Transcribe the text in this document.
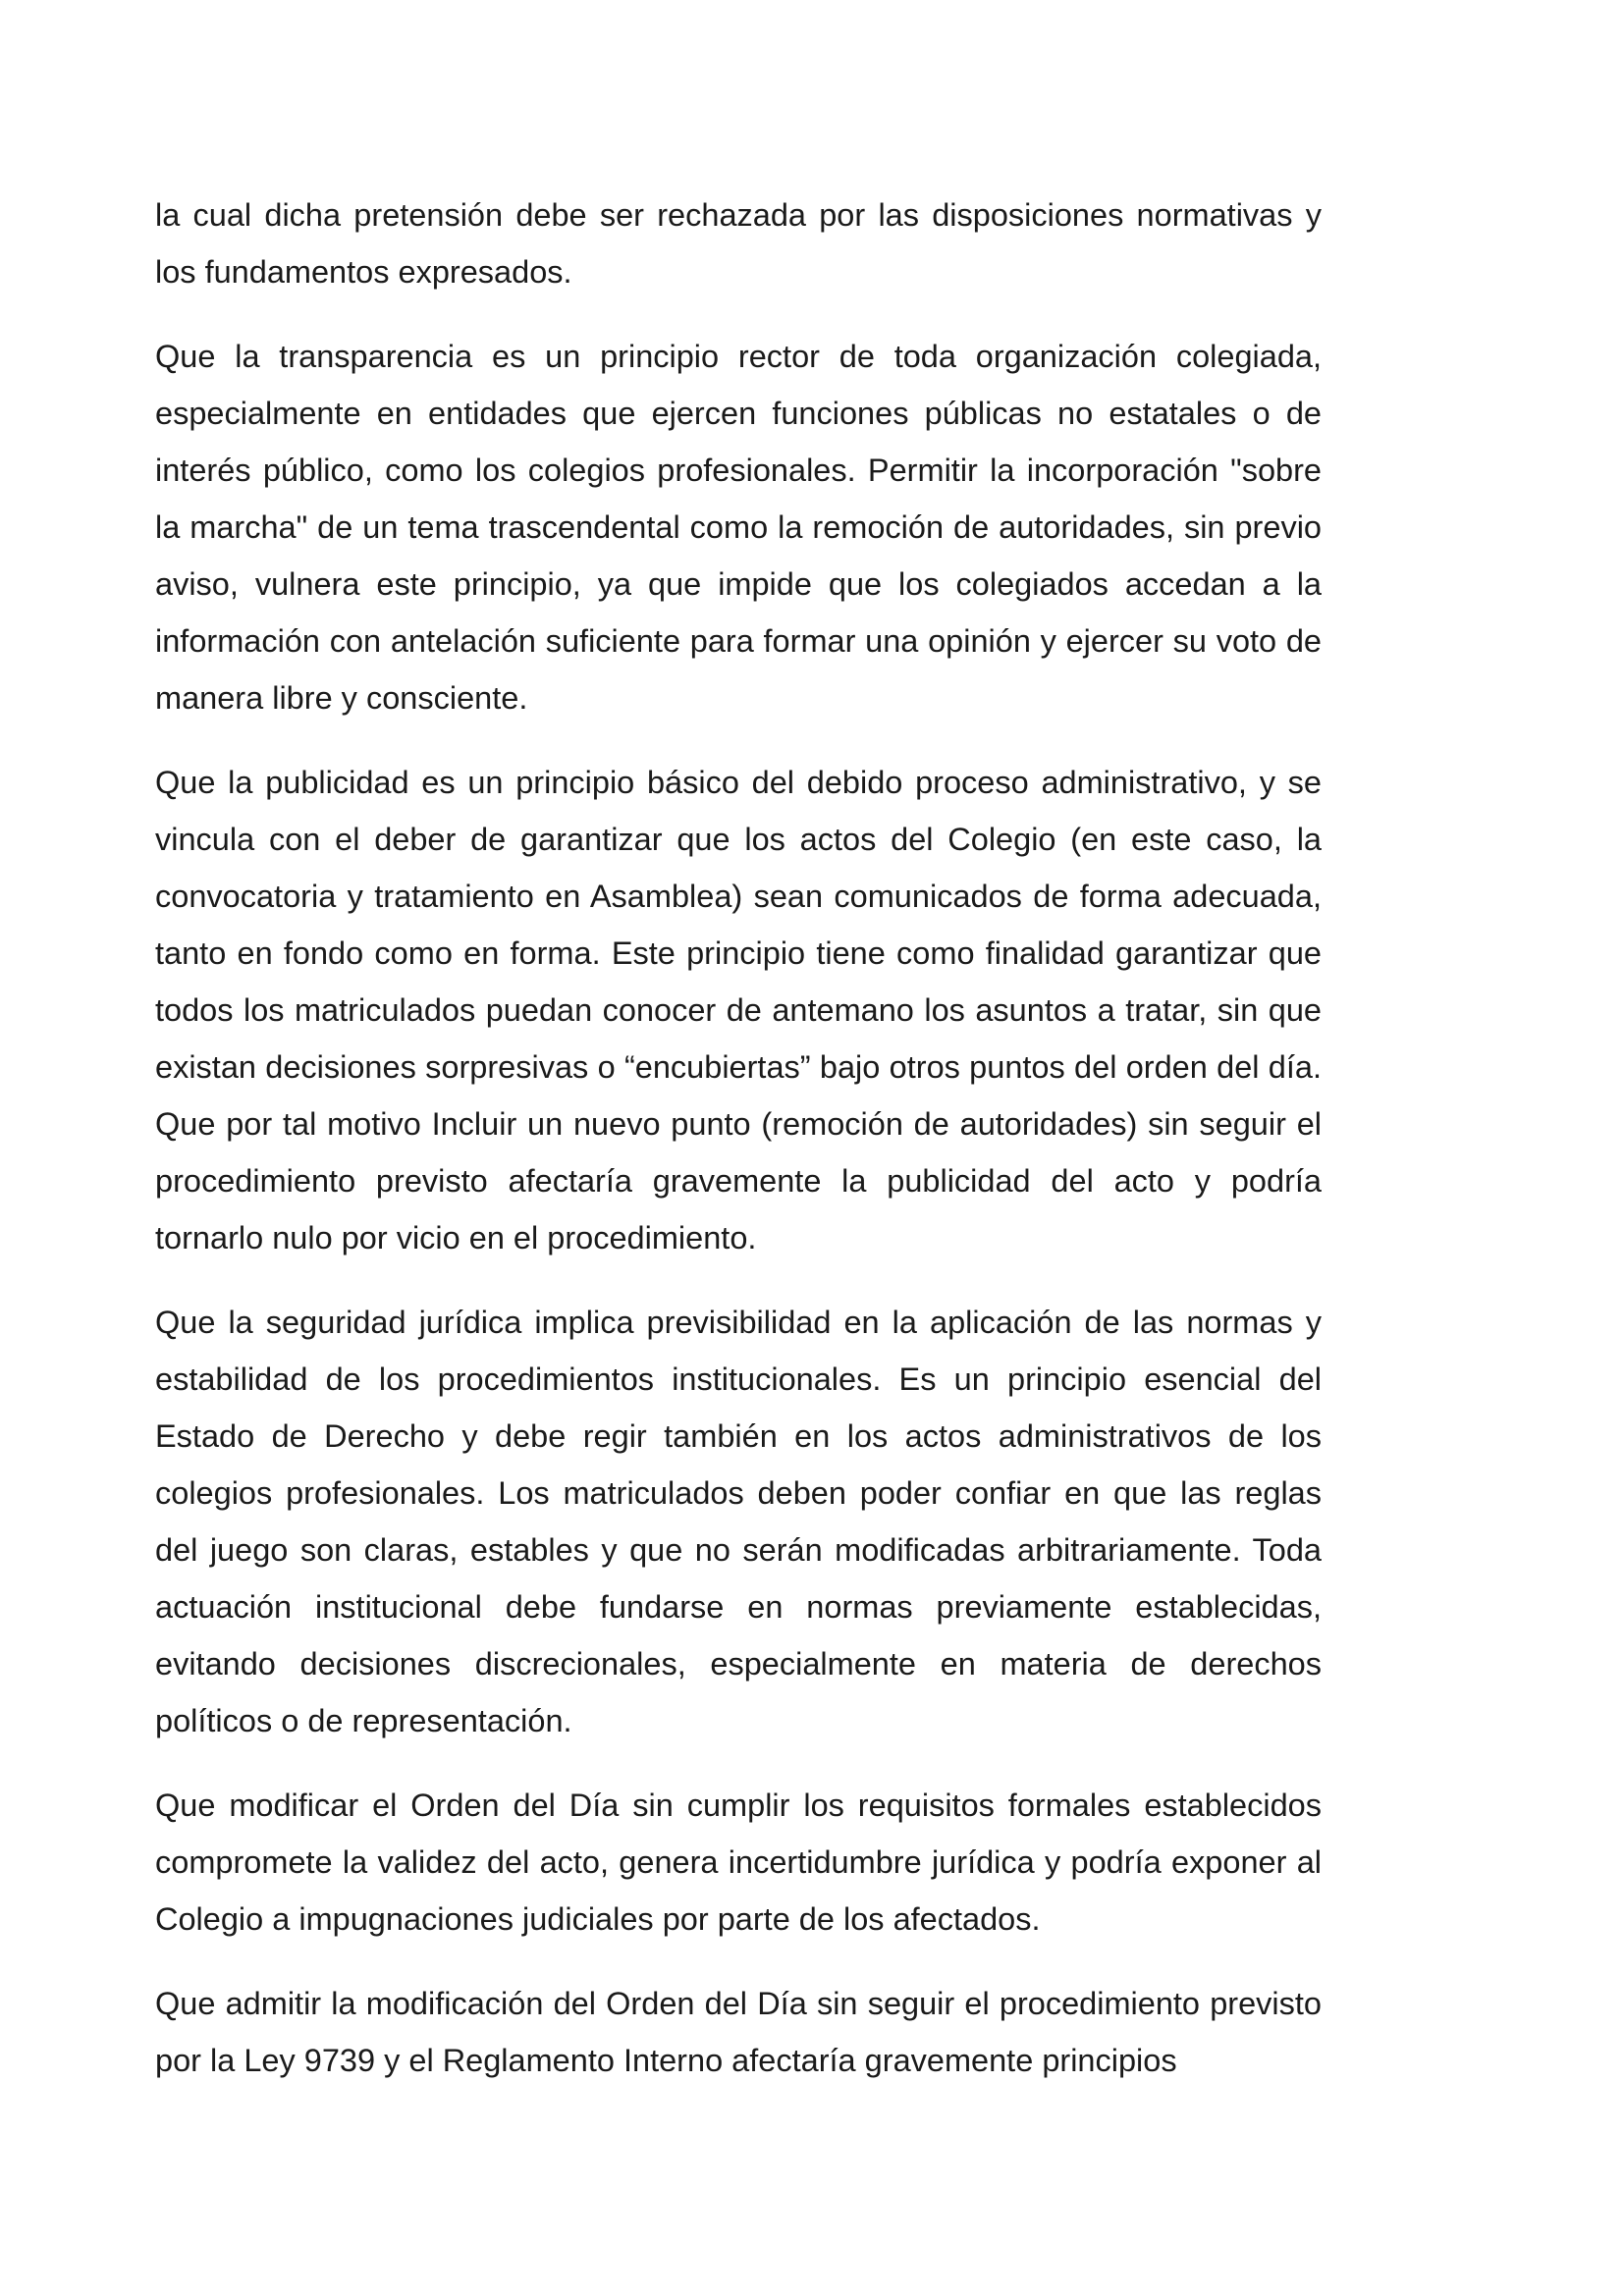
la cual dicha pretensión debe ser rechazada por las disposiciones normativas y los fundamentos expresados.

Que la transparencia es un principio rector de toda organización colegiada, especialmente en entidades que ejercen funciones públicas no estatales o de interés público, como los colegios profesionales. Permitir la incorporación "sobre la marcha" de un tema trascendental como la remoción de autoridades, sin previo aviso, vulnera este principio, ya que impide que los colegiados accedan a la información con antelación suficiente para formar una opinión y ejercer su voto de manera libre y consciente.

Que la publicidad es un principio básico del debido proceso administrativo, y se vincula con el deber de garantizar que los actos del Colegio (en este caso, la convocatoria y tratamiento en Asamblea) sean comunicados de forma adecuada, tanto en fondo como en forma. Este principio tiene como finalidad garantizar que todos los matriculados puedan conocer de antemano los asuntos a tratar, sin que existan decisiones sorpresivas o “encubiertas” bajo otros puntos del orden del día. Que por tal motivo Incluir un nuevo punto (remoción de autoridades) sin seguir el procedimiento previsto afectaría gravemente la publicidad del acto y podría tornarlo nulo por vicio en el procedimiento.

Que la seguridad jurídica implica previsibilidad en la aplicación de las normas y estabilidad de los procedimientos institucionales. Es un principio esencial del Estado de Derecho y debe regir también en los actos administrativos de los colegios profesionales. Los matriculados deben poder confiar en que las reglas del juego son claras, estables y que no serán modificadas arbitrariamente. Toda actuación institucional debe fundarse en normas previamente establecidas, evitando decisiones discrecionales, especialmente en materia de derechos políticos o de representación.

Que modificar el Orden del Día sin cumplir los requisitos formales establecidos compromete la validez del acto, genera incertidumbre jurídica y podría exponer al Colegio a impugnaciones judiciales por parte de los afectados.

Que admitir la modificación del Orden del Día sin seguir el procedimiento previsto por la Ley 9739 y el Reglamento Interno afectaría gravemente principios
